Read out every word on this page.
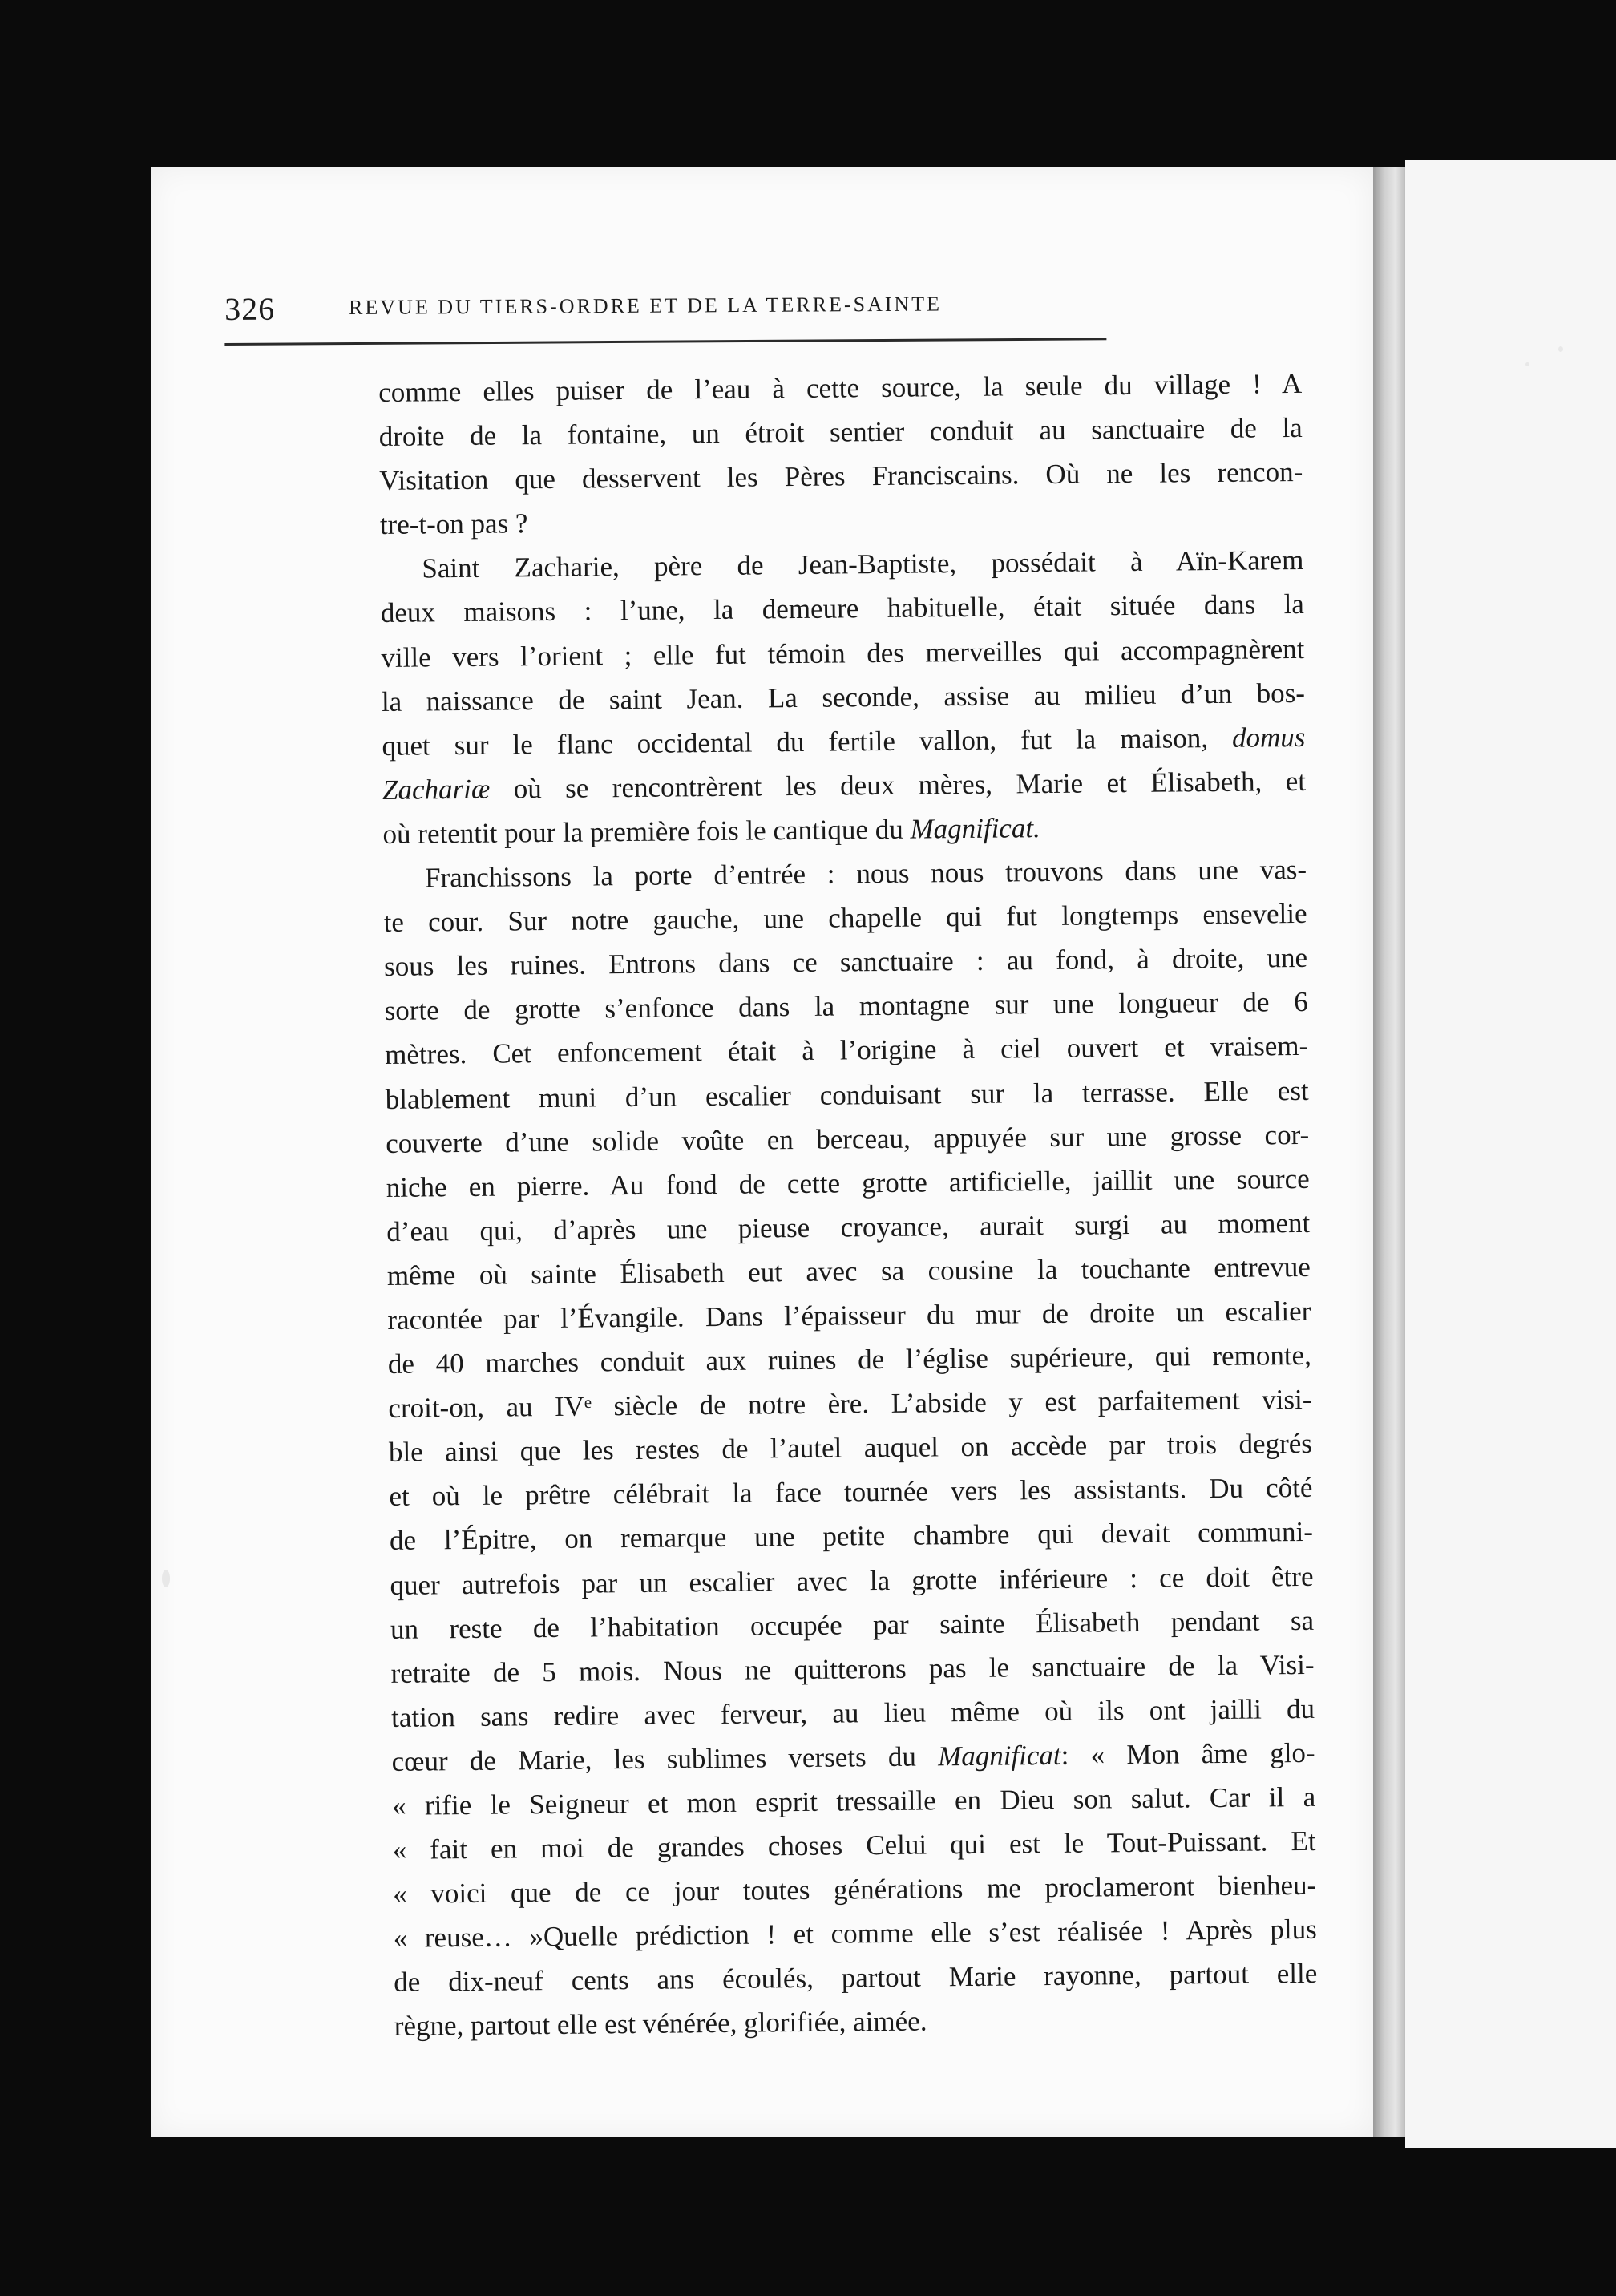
326	REVUE DU TIERS-ORDRE ET DE LA TERRE-SAINTE
comme elles puiser de l’eau à cette source, la seule du village ! A
droite de la fontaine, un étroit sentier conduit au sanctuaire de la
Visitation que desservent les Pères Franciscains. Où ne les rencon-
tre-t-on pas ?
Saint Zacharie, père de Jean-Baptiste, possédait à Aïn-Karem
deux maisons : l’une, la demeure habituelle, était située dans la
ville vers l’orient ; elle fut témoin des merveilles qui accompagnèrent
la naissance de saint Jean. La seconde, assise au milieu d’un bos-
quet sur le flanc occidental du fertile vallon, fut la maison, domus
Zachariæ où se rencontrèrent les deux mères, Marie et Élisabeth, et
où retentit pour la première fois le cantique du Magnificat.
Franchissons la porte d’entrée : nous nous trouvons dans une vas-
te cour. Sur notre gauche, une chapelle qui fut longtemps ensevelie
sous les ruines. Entrons dans ce sanctuaire : au fond, à droite, une
sorte de grotte s’enfonce dans la montagne sur une longueur de 6
mètres. Cet enfoncement était à l’origine à ciel ouvert et vraisem-
blablement muni d’un escalier conduisant sur la terrasse. Elle est
couverte d’une solide voûte en berceau, appuyée sur une grosse cor-
niche en pierre. Au fond de cette grotte artificielle, jaillit une source
d’eau qui, d’après une pieuse croyance, aurait surgi au moment
même où sainte Élisabeth eut avec sa cousine la touchante entrevue
racontée par l’Évangile. Dans l’épaisseur du mur de droite un escalier
de 40 marches conduit aux ruines de l’église supérieure, qui remonte,
croit-on, au IVᵉ siècle de notre ère. L’abside y est parfaitement visi-
ble ainsi que les restes de l’autel auquel on accède par trois degrés
et où le prêtre célébrait la face tournée vers les assistants. Du côté
de l’Épitre, on remarque une petite chambre qui devait communi-
quer autrefois par un escalier avec la grotte inférieure : ce doit être
un reste de l’habitation occupée par sainte Élisabeth pendant sa
retraite de 5 mois. Nous ne quitterons pas le sanctuaire de la Visi-
tation sans redire avec ferveur, au lieu même où ils ont jailli du
cœur de Marie, les sublimes versets du Magnificat: « Mon âme glo-
« rifie le Seigneur et mon esprit tressaille en Dieu son salut. Car il a
« fait en moi de grandes choses Celui qui est le Tout-Puissant. Et
« voici que de ce jour toutes générations me proclameront bienheu-
« reuse… »Quelle prédiction ! et comme elle s’est réalisée ! Après plus
de dix-neuf cents ans écoulés, partout Marie rayonne, partout elle
règne, partout elle est vénérée, glorifiée, aimée.
